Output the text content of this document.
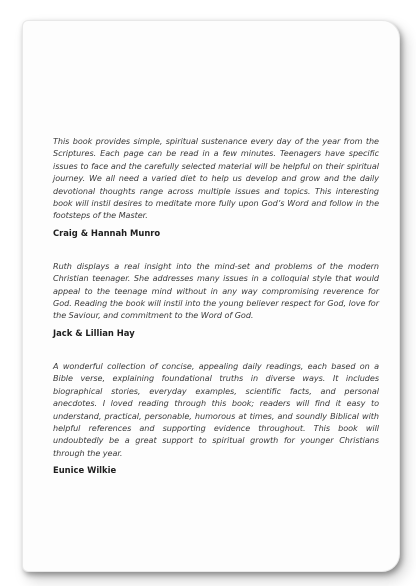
This book provides simple, spiritual sustenance every day of the year from the Scriptures. Each page can be read in a few minutes. Teenagers have specific issues to face and the carefully selected material will be helpful on their spiritual journey. We all need a varied diet to help us develop and grow and the daily devotional thoughts range across multiple issues and topics. This interesting book will instil desires to meditate more fully upon God’s Word and follow in the footsteps of the Master.

Craig & Hannah Munro

Ruth displays a real insight into the mind-set and problems of the modern Christian teenager. She addresses many issues in a colloquial style that would appeal to the teenage mind without in any way compromising reverence for God. Reading the book will instil into the young believer respect for God, love for the Saviour, and commitment to the Word of God.

Jack & Lillian Hay

A wonderful collection of concise, appealing daily readings, each based on a Bible verse, explaining foundational truths in diverse ways. It includes biographical stories, everyday examples, scientific facts, and personal anecdotes. I loved reading through this book; readers will find it easy to understand, practical, personable, humorous at times, and soundly Biblical with helpful references and supporting evidence throughout. This book will undoubtedly be a great support to spiritual growth for younger Christians through the year.

Eunice Wilkie
